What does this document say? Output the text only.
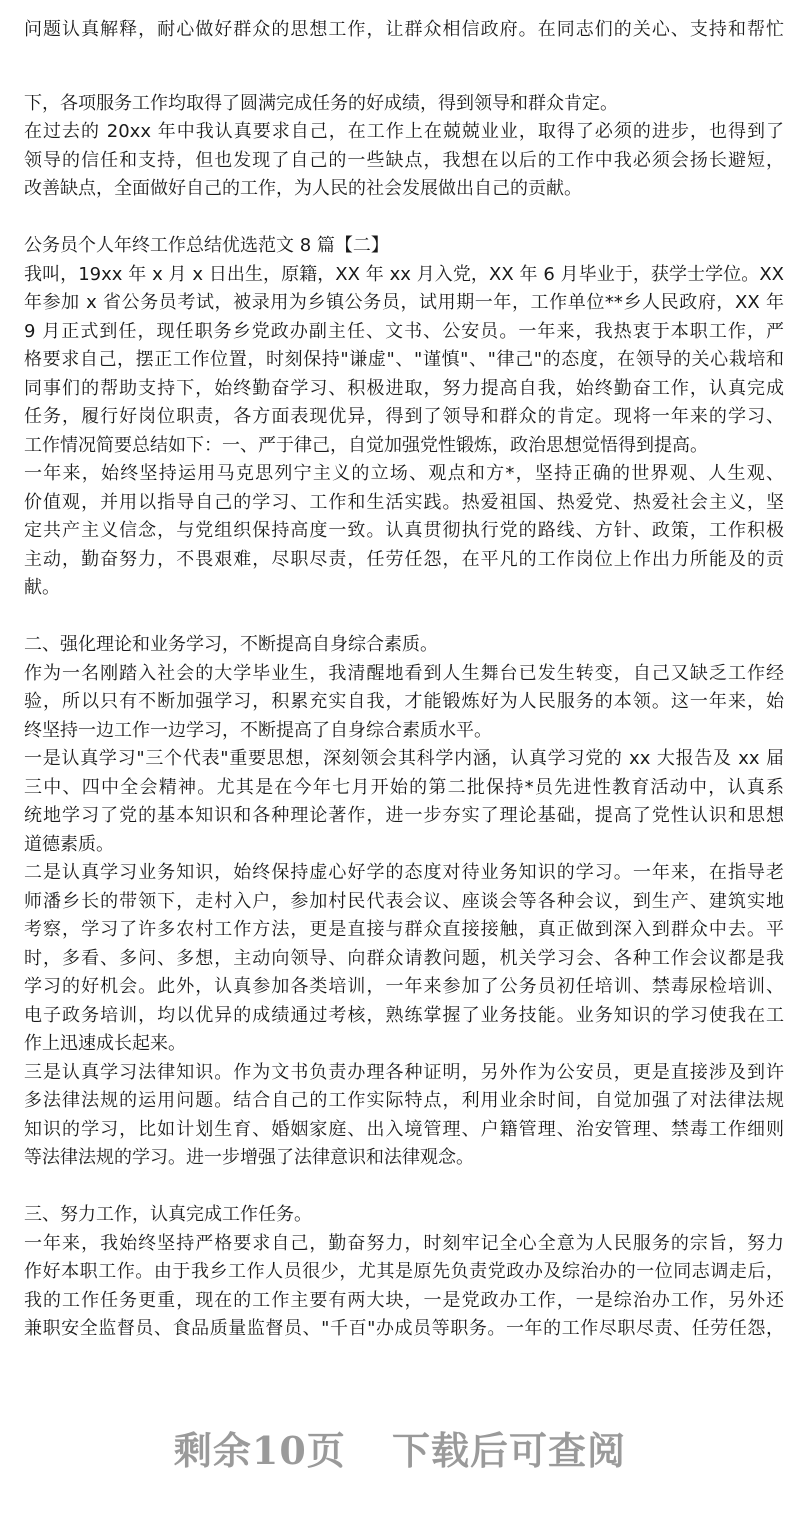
问题认真解释，耐心做好群众的思想工作，让群众相信政府。在同志们的关心、支持和帮忙
下，各项服务工作均取得了圆满完成任务的好成绩，得到领导和群众肯定。
在过去的 20xx 年中我认真要求自己，在工作上在兢兢业业，取得了必须的进步，也得到了
领导的信任和支持，但也发现了自己的一些缺点，我想在以后的工作中我必须会扬长避短，
改善缺点，全面做好自己的工作，为人民的社会发展做出自己的贡献。
公务员个人年终工作总结优选范文 8 篇【二】
我叫，19xx 年 x 月 x 日出生，原籍，XX 年 xx 月入党，XX 年 6 月毕业于，获学士学位。XX
年参加 x 省公务员考试，被录用为乡镇公务员，试用期一年，工作单位**乡人民政府，XX 年
9 月正式到任，现任职务乡党政办副主任、文书、公安员。一年来，我热衷于本职工作，严
格要求自己，摆正工作位置，时刻保持"谦虚"、"谨慎"、"律己"的态度，在领导的关心栽培和
同事们的帮助支持下，始终勤奋学习、积极进取，努力提高自我，始终勤奋工作，认真完成
任务，履行好岗位职责，各方面表现优异，得到了领导和群众的肯定。现将一年来的学习、
工作情况简要总结如下：一、严于律己，自觉加强党性锻炼，政治思想觉悟得到提高。
一年来，始终坚持运用马克思列宁主义的立场、观点和方*，坚持正确的世界观、人生观、
价值观，并用以指导自己的学习、工作和生活实践。热爱祖国、热爱党、热爱社会主义，坚
定共产主义信念，与党组织保持高度一致。认真贯彻执行党的路线、方针、政策，工作积极
主动，勤奋努力，不畏艰难，尽职尽责，任劳任怨，在平凡的工作岗位上作出力所能及的贡
献。
二、强化理论和业务学习，不断提高自身综合素质。
作为一名刚踏入社会的大学毕业生，我清醒地看到人生舞台已发生转变，自己又缺乏工作经
验，所以只有不断加强学习，积累充实自我，才能锻炼好为人民服务的本领。这一年来，始
终坚持一边工作一边学习，不断提高了自身综合素质水平。
一是认真学习"三个代表"重要思想，深刻领会其科学内涵，认真学习党的 xx 大报告及 xx 届
三中、四中全会精神。尤其是在今年七月开始的第二批保持*员先进性教育活动中，认真系
统地学习了党的基本知识和各种理论著作，进一步夯实了理论基础，提高了党性认识和思想
道德素质。
二是认真学习业务知识，始终保持虚心好学的态度对待业务知识的学习。一年来，在指导老
师潘乡长的带领下，走村入户，参加村民代表会议、座谈会等各种会议，到生产、建筑实地
考察，学习了许多农村工作方法，更是直接与群众直接接触，真正做到深入到群众中去。平
时，多看、多问、多想，主动向领导、向群众请教问题，机关学习会、各种工作会议都是我
学习的好机会。此外，认真参加各类培训，一年来参加了公务员初任培训、禁毒尿检培训、
电子政务培训，均以优异的成绩通过考核，熟练掌握了业务技能。业务知识的学习使我在工
作上迅速成长起来。
三是认真学习法律知识。作为文书负责办理各种证明，另外作为公安员，更是直接涉及到许
多法律法规的运用问题。结合自己的工作实际特点，利用业余时间，自觉加强了对法律法规
知识的学习，比如计划生育、婚姻家庭、出入境管理、户籍管理、治安管理、禁毒工作细则
等法律法规的学习。进一步增强了法律意识和法律观念。
三、努力工作，认真完成工作任务。
一年来，我始终坚持严格要求自己，勤奋努力，时刻牢记全心全意为人民服务的宗旨，努力
作好本职工作。由于我乡工作人员很少，尤其是原先负责党政办及综治办的一位同志调走后，
我的工作任务更重，现在的工作主要有两大块，一是党政办工作，一是综治办工作，另外还
兼职安全监督员、食品质量监督员、"千百"办成员等职务。一年的工作尽职尽责、任劳任怨，
剩余10页 下载后可查阅
